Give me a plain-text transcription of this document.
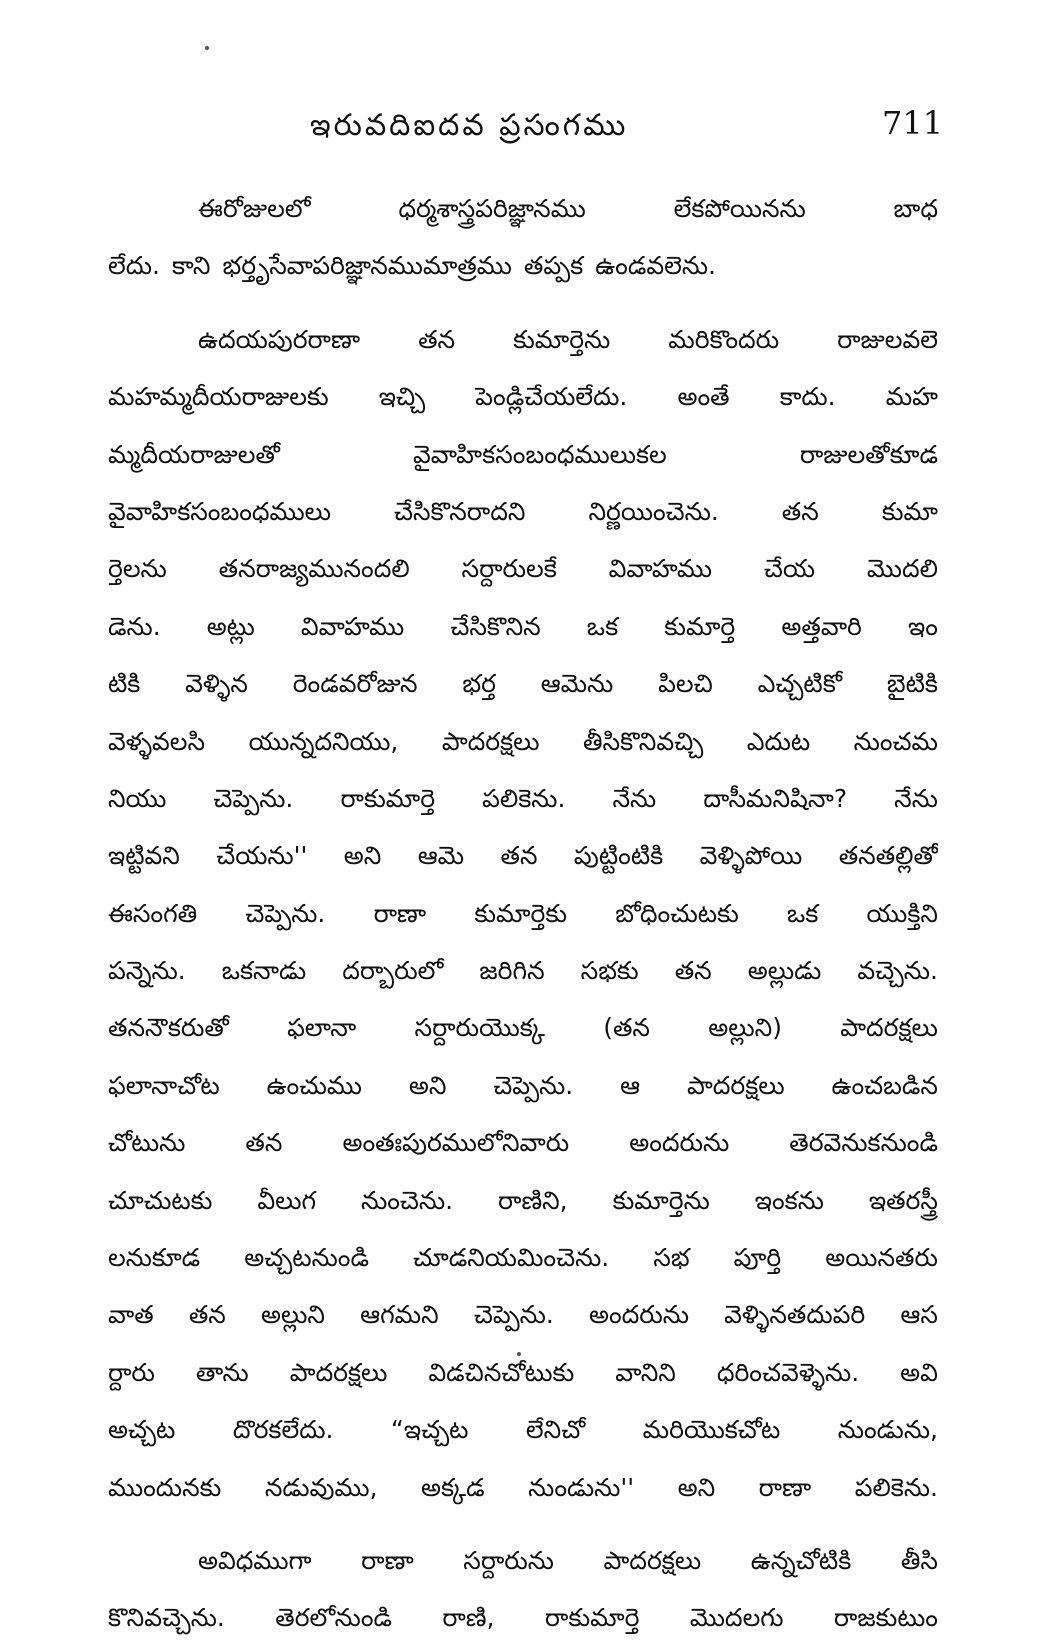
ఇరువదిఐదవ ప్రసంగము	711
ఈరోజులలో	ధర్మశాస్త్రపరిజ్ఞానము	లేకపోయినను	బాధ
లేదు. కాని భర్తృసేవాపరిజ్ఞానముమాత్రము తప్పక ఉండవలెను.
ఉదయపురరాణా తన కుమార్తెను మరికొందరు రాజులవలె
మహమ్మదీయరాజులకు ఇచ్చి పెండ్లిచేయలేదు. అంతే కాదు. మహ
మ్మదీయరాజులతో	వైవాహికసంబంధములుకల	రాజులతోకూడ
వైవాహికసంబంధములు	చేసికొనరాదని	నిర్ణయించెను.	తన	కుమా
ర్తెలను తనరాజ్యమునందలి సర్దారులకే వివాహము చేయ మొదలి
డెను. అట్లు వివాహము చేసికొనిన ఒక కుమార్తె అత్తవారి ఇం
టికి వెళ్ళిన రెండవరోజున భర్త ఆమెను పిలచి ఎచ్చటికో బైటికి
వెళ్ళవలసి యున్నదనియు, పాదరక్షలు తీసికొనివచ్చి ఎదుట నుంచమ
నియు చెప్పెను. రాకుమార్తె పలికెను. నేను దాసీమనిషినా? నేను
ఇట్టివని చేయను'' అని ఆమె తన పుట్టింటికి వెళ్ళిపోయి తనతల్లితో
ఈసంగతి చెప్పెను. రాణా కుమార్తెకు బోధించుటకు ఒక యుక్తిని
పన్నెను. ఒకనాడు దర్బారులో జరిగిన సభకు తన అల్లుడు వచ్చెను.
తననౌకరుతో ఫలానా సర్దారుయొక్క (తన అల్లుని) పాదరక్షలు
ఫలానాచోట ఉంచుము అని చెప్పెను. ఆ పాదరక్షలు ఉంచబడిన
చోటును తన అంతఃపురములోనివారు అందరును తెరవెనుకనుండి
చూచుటకు వీలుగ నుంచెను. రాణిని, కుమార్తెను ఇంకను ఇతరస్త్రీ
లనుకూడ అచ్చటనుండి చూడనియమించెను. సభ పూర్తి అయినతరు
వాత తన అల్లుని ఆగమని చెప్పెను. అందరును వెళ్ళినతదుపరి ఆస
ర్దారు తాను పాదరక్షలు విడచినచోటుకు వానిని ధరించవెళ్ళెను. అవి
అచ్చట దొరకలేదు. “ఇచ్చట లేనిచో మరియొకచోట నుండును,
ముందునకు నడువుము, అక్కడ నుండును'' అని రాణా పలికెను.
అవిధముగా రాణా సర్దారును పాదరక్షలు ఉన్నచోటికి తీసి
కొనివచ్చెను. తెరలోనుండి రాణి, రాకుమార్తె మొదలగు రాజకుటుం
